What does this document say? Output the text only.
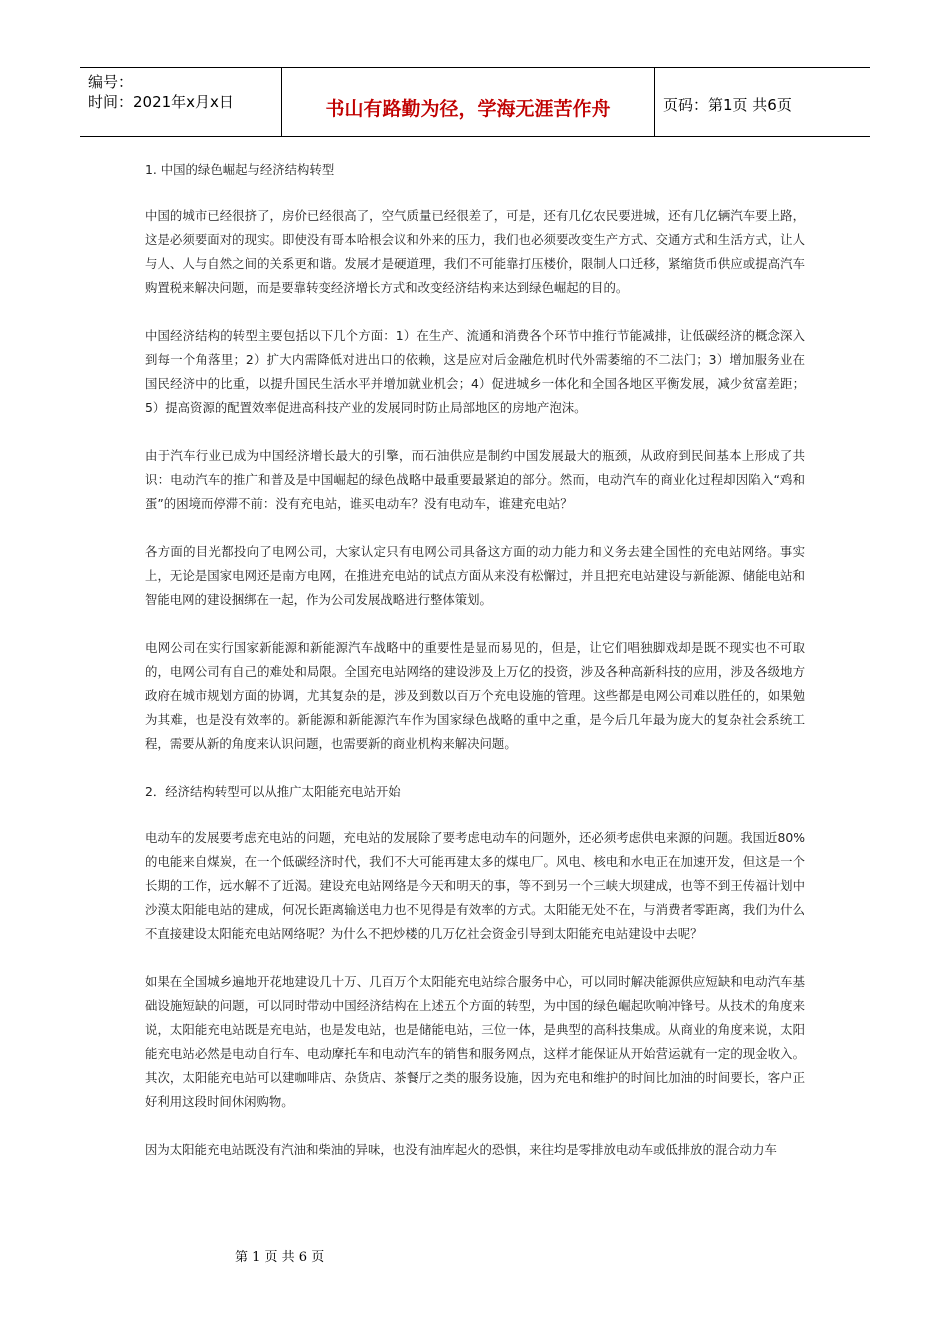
编号：
时间：2021年x月x日	书山有路勤为径，学海无涯苦作舟	页码：第1页 共6页

1. 中国的绿色崛起与经济结构转型

中国的城市已经很挤了，房价已经很高了，空气质量已经很差了，可是，还有几亿农民要进城，还有几亿辆汽车要上路，这是必须要面对的现实。即使没有哥本哈根会议和外来的压力，我们也必须要改变生产方式、交通方式和生活方式，让人与人、人与自然之间的关系更和谐。发展才是硬道理，我们不可能靠打压楼价，限制人口迁移，紧缩货币供应或提高汽车购置税来解决问题，而是要靠转变经济增长方式和改变经济结构来达到绿色崛起的目的。

中国经济结构的转型主要包括以下几个方面：1）在生产、流通和消费各个环节中推行节能减排，让低碳经济的概念深入到每一个角落里；2）扩大内需降低对进出口的依赖，这是应对后金融危机时代外需萎缩的不二法门；3）增加服务业在国民经济中的比重，以提升国民生活水平并增加就业机会；4）促进城乡一体化和全国各地区平衡发展，减少贫富差距；5）提高资源的配置效率促进高科技产业的发展同时防止局部地区的房地产泡沫。

由于汽车行业已成为中国经济增长最大的引擎，而石油供应是制约中国发展最大的瓶颈，从政府到民间基本上形成了共识：电动汽车的推广和普及是中国崛起的绿色战略中最重要最紧迫的部分。然而，电动汽车的商业化过程却因陷入“鸡和蛋”的困境而停滞不前：没有充电站，谁买电动车？没有电动车，谁建充电站？

各方面的目光都投向了电网公司，大家认定只有电网公司具备这方面的动力能力和义务去建全国性的充电站网络。事实上，无论是国家电网还是南方电网，在推进充电站的试点方面从来没有松懈过，并且把充电站建设与新能源、储能电站和智能电网的建设捆绑在一起，作为公司发展战略进行整体策划。

电网公司在实行国家新能源和新能源汽车战略中的重要性是显而易见的，但是，让它们唱独脚戏却是既不现实也不可取的，电网公司有自己的难处和局限。全国充电站网络的建设涉及上万亿的投资，涉及各种高新科技的应用，涉及各级地方政府在城市规划方面的协调，尤其复杂的是，涉及到数以百万个充电设施的管理。这些都是电网公司难以胜任的，如果勉为其难，也是没有效率的。新能源和新能源汽车作为国家绿色战略的重中之重，是今后几年最为庞大的复杂社会系统工程，需要从新的角度来认识问题，也需要新的商业机构来解决问题。

2．经济结构转型可以从推广太阳能充电站开始

电动车的发展要考虑充电站的问题，充电站的发展除了要考虑电动车的问题外，还必须考虑供电来源的问题。我国近80%的电能来自煤炭，在一个低碳经济时代，我们不大可能再建太多的煤电厂。风电、核电和水电正在加速开发，但这是一个长期的工作，远水解不了近渴。建设充电站网络是今天和明天的事，等不到另一个三峡大坝建成，也等不到王传福计划中沙漠太阳能电站的建成，何况长距离输送电力也不见得是有效率的方式。太阳能无处不在，与消费者零距离，我们为什么不直接建设太阳能充电站网络呢？为什么不把炒楼的几万亿社会资金引导到太阳能充电站建设中去呢？

如果在全国城乡遍地开花地建设几十万、几百万个太阳能充电站综合服务中心，可以同时解决能源供应短缺和电动汽车基础设施短缺的问题，可以同时带动中国经济结构在上述五个方面的转型，为中国的绿色崛起吹响冲锋号。从技术的角度来说，太阳能充电站既是充电站，也是发电站，也是储能电站，三位一体，是典型的高科技集成。从商业的角度来说，太阳能充电站必然是电动自行车、电动摩托车和电动汽车的销售和服务网点，这样才能保证从开始营运就有一定的现金收入。其次，太阳能充电站可以建咖啡店、杂货店、茶餐厅之类的服务设施，因为充电和维护的时间比加油的时间要长，客户正好利用这段时间休闲购物。

因为太阳能充电站既没有汽油和柴油的异味，也没有油库起火的恐惧，来往均是零排放电动车或低排放的混合动力车

第 1 页 共 6 页
